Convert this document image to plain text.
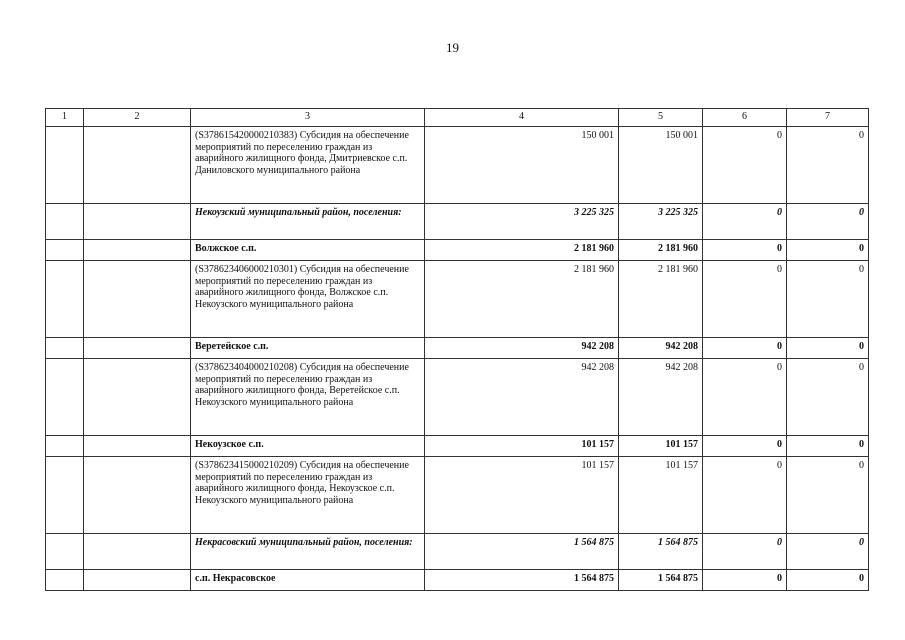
19
1	2	3	4	5	6	7
		(S378615420000210383) Субсидия на обеспечение мероприятий по переселению граждан из аварийного жилищного фонда, Дмитриевское с.п. Даниловского муниципального района	150 001	150 001	0	0
		Некоузский муниципальный район, поселения:	3 225 325	3 225 325	0	0
		Волжское с.п.	2 181 960	2 181 960	0	0
		(S378623406000210301) Субсидия на обеспечение мероприятий по переселению граждан из аварийного жилищного фонда, Волжское с.п. Некоузского муниципального района	2 181 960	2 181 960	0	0
		Веретейское с.п.	942 208	942 208	0	0
		(S378623404000210208) Субсидия на обеспечение мероприятий по переселению граждан из аварийного жилищного фонда, Веретейское с.п. Некоузского муниципального района	942 208	942 208	0	0
		Некоузское с.п.	101 157	101 157	0	0
		(S378623415000210209) Субсидия на обеспечение мероприятий по переселению граждан из аварийного жилищного фонда, Некоузское с.п. Некоузского муниципального района	101 157	101 157	0	0
		Некрасовский муниципальный район, поселения:	1 564 875	1 564 875	0	0
		с.п. Некрасовское	1 564 875	1 564 875	0	0
